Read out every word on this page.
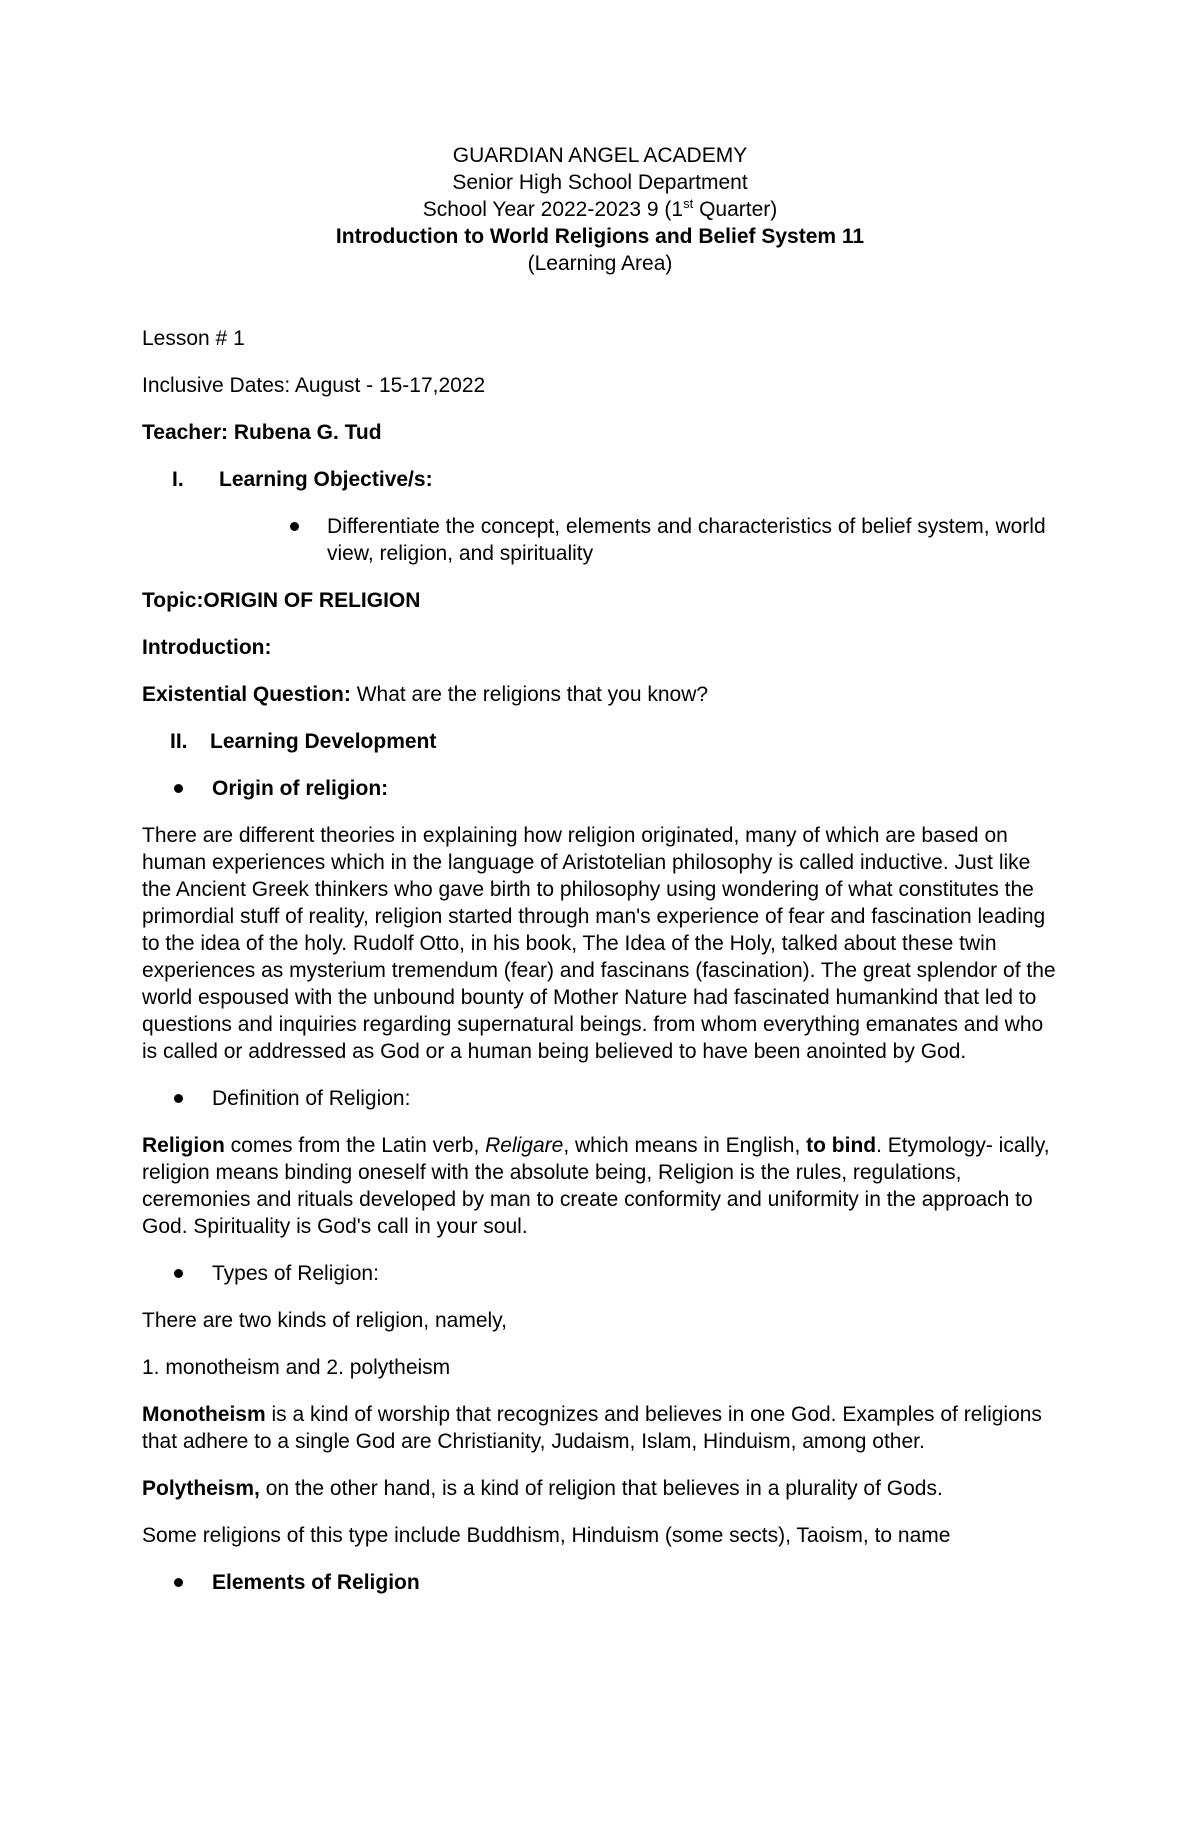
GUARDIAN ANGEL ACADEMY
Senior High School Department
School Year 2022-2023 9 (1st Quarter)
Introduction to World Religions and Belief System 11
(Learning Area)

Lesson # 1

Inclusive Dates: August - 15-17,2022

Teacher: Rubena G. Tud

I.	Learning Objective/s:
Differentiate the concept, elements and characteristics of belief system, world view, religion, and spirituality

Topic:ORIGIN OF RELIGION

Introduction:

Existential Question: What are the religions that you know?

II.	Learning Development
Origin of religion:

There are different theories in explaining how religion originated, many of which are based on human experiences which in the language of Aristotelian philosophy is called inductive. Just like the Ancient Greek thinkers who gave birth to philosophy using wondering of what constitutes the primordial stuff of reality, religion started through man's experience of fear and fascination leading to the idea of the holy. Rudolf Otto, in his book, The Idea of the Holy, talked about these twin experiences as mysterium tremendum (fear) and fascinans (fascination). The great splendor of the world espoused with the unbound bounty of Mother Nature had fascinated humankind that led to questions and inquiries regarding supernatural beings. from whom everything emanates and who is called or addressed as God or a human being believed to have been anointed by God.

Definition of Religion:

Religion comes from the Latin verb, Religare, which means in English, to bind. Etymology- ically, religion means binding oneself with the absolute being, Religion is the rules, regulations, ceremonies and rituals developed by man to create conformity and uniformity in the approach to God. Spirituality is God's call in your soul.

Types of Religion:

There are two kinds of religion, namely,

1. monotheism and 2. polytheism

Monotheism is a kind of worship that recognizes and believes in one God. Examples of religions that adhere to a single God are Christianity, Judaism, Islam, Hinduism, among other.

Polytheism, on the other hand, is a kind of religion that believes in a plurality of Gods.

Some religions of this type include Buddhism, Hinduism (some sects), Taoism, to name

Elements of Religion
